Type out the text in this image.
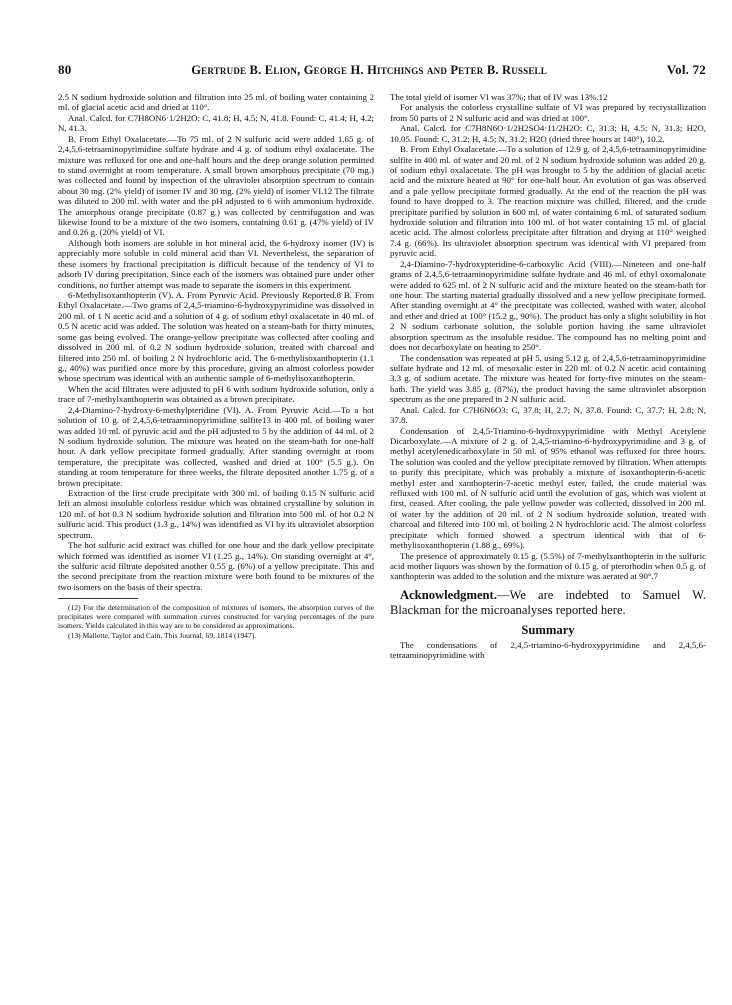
80	Gertrude B. Elion, George H. Hitchings and Peter B. Russell	Vol. 72

2.5 N sodium hydroxide solution and filtration into 25 ml. of boiling water containing 2 ml. of glacial acetic acid and dried at 110°.

Anal. Calcd. for C7H8ON6·1/2H2O: C, 41.8; H, 4.5; N, 41.8. Found: C, 41.4; H, 4.2; N, 41.3.

B. From Ethyl Oxalacetate.—To 75 ml. of 2 N sulfuric acid were added 1.65 g. of 2,4,5,6-tetraaminopyrimidine sulfate hydrate and 4 g. of sodium ethyl oxalacetate. The mixture was refluxed for one and one-half hours and the deep orange solution permitted to stand overnight at room temperature. A small brown amorphous precipitate (70 mg.) was collected and found by inspection of the ultraviolet absorption spectrum to contain about 30 mg. (2% yield) of isomer IV and 30 mg. (2% yield) of isomer VI.12 The filtrate was diluted to 200 ml. with water and the pH adjusted to 6 with ammonium hydroxide. The amorphous orange precipitate (0.87 g.) was collected by centrifugation and was likewise found to be a mixture of the two isomers, containing 0.61 g. (47% yield) of IV and 0.26 g. (20% yield) of VI.

Although both isomers are soluble in hot mineral acid, the 6-hydroxy isomer (IV) is appreciably more soluble in cold mineral acid than VI. Nevertheless, the separation of these isomers by fractional precipitation is difficult because of the tendency of VI to adsorb IV during precipitation. Since each of the isomers was obtained pure under other conditions, no further attempt was made to separate the isomers in this experiment.

6-Methylisoxanthopterin (V). A. From Pyruvic Acid. Previously Reported.8 B. From Ethyl Oxalacetate.—Two grams of 2,4,5-triamino-6-hydroxypyrimidine was dissolved in 200 ml. of 1 N acetic acid and a solution of 4 g. of sodium ethyl oxalacetate in 40 ml. of 0.5 N acetic acid was added. The solution was heated on a steam-bath for thirty minutes, some gas being evolved. The orange-yellow precipitate was collected after cooling and dissolved in 200 ml. of 0.2 N sodium hydroxide solution, treated with charcoal and filtered into 250 ml. of boiling 2 N hydrochloric acid. The 6-methylisoxanthopterin (1.1 g., 40%) was purified once more by this procedure, giving an almost colorless powder whose spectrum was identical with an authentic sample of 6-methylisoxanthopterin.

When the acid filtrates were adjusted to pH 6 with sodium hydroxide solution, only a trace of 7-methylxanthopterin was obtained as a brown precipitate.

2,4-Diamino-7-hydroxy-6-methylpteridine (VI). A. From Pyruvic Acid.—To a hot solution of 10 g. of 2,4,5,6-tetraaminopyrimidine sulfite13 in 400 ml. of boiling water was added 10 ml. of pyruvic acid and the pH adjusted to 5 by the addition of 44 ml. of 2 N sodium hydroxide solution. The mixture was heated on the steam-bath for one-half hour. A dark yellow precipitate formed gradually. After standing overnight at room temperature, the precipitate was collected, washed and dried at 100° (5.5 g.). On standing at room temperature for three weeks, the filtrate deposited another 1.75 g. of a brown precipitate.

Extraction of the first crude precipitate with 300 ml. of boiling 0.15 N sulfuric acid left an almost insoluble colorless residue which was obtained crystalline by solution in 120 ml. of hot 0.3 N sodium hydroxide solution and filtration into 500 ml. of hot 0.2 N sulfuric acid. This product (1.3 g., 14%) was identified as VI by its ultraviolet absorption spectrum.

The hot sulfuric acid extract was chilled for one hour and the dark yellow precipitate which formed was identified as isomer VI (1.25 g., 14%). On standing overnight at 4°, the sulfuric acid filtrate deposited another 0.55 g. (6%) of a yellow precipitate. This and the second precipitate from the reaction mixture were both found to be mixtures of the two isomers on the basis of their spectra.

(12) For the determination of the composition of mixtures of isomers, the absorption curves of the precipitates were compared with summation curves constructed for varying percentages of the pure isomers. Yields calculated in this way are to be considered as approximations.

(13) Mallette, Taylor and Cain, This Journal, 69, 1814 (1947).

The total yield of isomer VI was 37%; that of IV was 13%.12

For analysis the colorless crystalline sulfate of VI was prepared by recrystallization from 50 parts of 2 N sulfuric acid and was dried at 100°.

Anal. Calcd. for C7H8N6O·1/2H2SO4·11/2H2O: C, 31.3; H, 4.5; N, 31.3; H2O, 10.05. Found: C, 31.2; H, 4.5; N, 31.2; H2O (dried three hours at 140°), 10.2.

B. From Ethyl Oxalacetate.—To a solution of 12.9 g. of 2,4,5,6-tetraaminopyrimidine sulfite in 400 ml. of water and 20 ml. of 2 N sodium hydroxide solution was added 20 g. of sodium ethyl oxalacetate. The pH was brought to 5 by the addition of glacial acetic acid and the mixture heated at 90° for one-half hour. An evolution of gas was observed and a pale yellow precipitate formed gradually. At the end of the reaction the pH was found to have dropped to 3. The reaction mixture was chilled, filtered, and the crude precipitate purified by solution in 600 ml. of water containing 6 ml. of saturated sodium hydroxide solution and filtration into 100 ml. of hot water containing 15 ml. of glacial acetic acid. The almost colorless precipitate after filtration and drying at 110° weighed 7.4 g. (66%). Its ultraviolet absorption spectrum was identical with VI prepared from pyruvic acid.

2,4-Diamino-7-hydroxypteridine-6-carboxylic Acid (VIII).—Nineteen and one-half grams of 2,4,5,6-tetraaminopyrimidine sulfate hydrate and 46 ml. of ethyl oxomalonate were added to 625 ml. of 2 N sulfuric acid and the mixture heated on the steam-bath for one hour. The starting material gradually dissolved and a new yellow precipitate formed. After standing overnight at 4° the precipitate was collected, washed with water, alcohol and ether and dried at 100° (15.2 g., 90%). The product has only a slight solubility in hot 2 N sodium carbonate solution, the soluble portion having the same ultraviolet absorption spectrum as the insoluble residue. The compound has no melting point and does not decarboxylate on heating to 250°.

The condensation was repeated at pH 5, using 5.12 g. of 2,4,5,6-tetraaminopyrimidine sulfate hydrate and 12 ml. of mesoxalic ester in 220 ml. of 0.2 N acetic acid containing 3.3 g. of sodium acetate. The mixture was heated for forty-five minutes on the steam-bath. The yield was 3.85 g. (87%), the product having the same ultraviolet absorption spectrum as the one prepared in 2 N sulfuric acid.

Anal. Calcd. for C7H6N6O3: C, 37.8; H, 2.7; N, 37.8. Found: C, 37.7; H, 2.8; N, 37.8.

Condensation of 2,4,5-Triamino-6-hydroxypyrimidine with Methyl Acetylene Dicarboxylate.—A mixture of 2 g. of 2,4,5-triamino-6-hydroxypyrimidine and 3 g. of methyl acetylenedicarboxylate in 50 ml. of 95% ethanol was refluxed for three hours. The solution was cooled and the yellow precipitate removed by filtration. When attempts to purify this precipitate, which was probably a mixture of isoxanthopterin-6-acetic methyl ester and xanthopterin-7-acetic methyl ester, failed, the crude material was refluxed with 100 ml. of N sulfuric acid until the evolution of gas, which was violent at first, ceased. After cooling, the pale yellow powder was collected, dissolved in 200 ml. of water by the addition of 20 ml. of 2 N sodium hydroxide solution, treated with charcoal and filtered into 100 ml. of boiling 2 N hydrochloric acid. The almost colorless precipitate which formed showed a spectrum identical with that of 6-methylisoxanthopterin (1.88 g., 69%).

The presence of approximately 0.15 g. (5.5%) of 7-methylxanthopterin in the sulfuric acid mother liquors was shown by the formation of 0.15 g. of pterorhodin when 0.5 g. of xanthopterin was added to the solution and the mixture was aerated at 90°.7

Acknowledgment.—We are indebted to Samuel W. Blackman for the microanalyses reported here.
Summary

The condensations of 2,4,5-triamino-6-hydroxypyrimidine and 2,4,5,6-tetraaminopyrimidine with
